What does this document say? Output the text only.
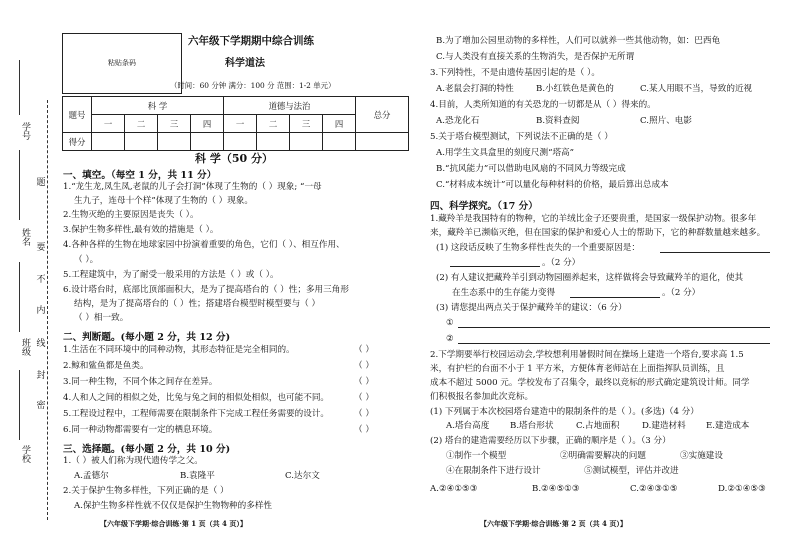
学号
姓名
班级
学校
题
要
不
内
线
封
密
粘贴条码
六年级下学期期中综合训练
科学道法
（时间：60 分钟 满分：100 分 范围：1-2 单元）
题号	科 学				道德与法治				总分
	一	二	三	四	一	二	三	四	
得分									
科 学（50 分）
一、填空。（每空 1 分，共 11 分）
1.“龙生龙,凤生凤,老鼠的儿子会打洞”体现了生物的（ ）现象; “一母
生九子，连母十个样”体现了生物的（ ）现象。
2.生物灭绝的主要原因是丧失（ ）。
3.保护生物多样性,最有效的措施是（ ）。
4.各种各样的生物在地球家园中扮演着重要的角色，它们（ ）、相互作用、
（ ）。
5.工程建筑中，为了耐受一般采用的方法是（ ）或（ ）。
6.设计塔台时，底部比顶部面积大，是为了提高塔台的（ ）性；多用三角形
结构，是为了提高塔台的（ ）性；搭建塔台模型时模型要与（ ）
（ ）相一致。
二、判断题。(每小题 2 分，共 12 分)
1.生活在不同环境中的同种动物，其形态特征是完全相同的。	（ ）
2.鲸和鲨鱼都是鱼类。	（ ）
3.同一种生物，不同个体之间存在差异。	（ ）
4.人和人之间的相似之处，比兔与兔之间的相似处相似，也可能不同。	（ ）
5.工程设过程中，工程师需要在限制条件下完成工程任务需要的设计。	（ ）
6.同一种动物都需要有一定的栖息环境。	（ ）
三、选择题。(每小题 2 分，共 10 分)
1.（ ）被人们称为现代遗传学之父。
A.孟德尔	B.袁隆平	C.达尔文
2.关于保护生物多样性，下列正确的是（ ）
A.保护生物多样性就不仅仅是保护生物物种的多样性
【六年级下学期·综合训练·第 1 页（共 4 页）】
B.为了增加公园里动物的多样性，人们可以就养一些其他动物，如：巴西龟
C.与人类没有直接关系的生物消失，是否保护无所谓
3.下列特性，不是由遗传基因引起的是（ ）。
A.老鼠会打洞的特性	B.小红铁色是黄色的	C.某人用眼不当，导致的近视
4.目前，人类所知道的有关恐龙的一切都是从（ ）得来的。
A.恐龙化石	B.资料查阅	C.照片、电影
5.关于塔台模型测试，下列说法不正确的是（ ）
A.用学生文具盒里的刻度尺测“塔高”
B.“抗风能力”可以借助电风扇的不同风力等级完成
C.“材料成本统计”可以量化每种材料的价格，最后算出总成本
四、科学探究。（17 分）
1.藏羚羊是我国特有的物种，它的羊绒比金子还要贵重，是国家一级保护动物。很多年
来，藏羚羊已濒临灭绝，但在国家的保护和爱心人士的帮助下，它的种群数量越来越多。
(1) 这段话反映了生物多样性丧失的一个重要原因是：
。（2 分）
(2) 有人建议把藏羚羊引到动物园圈养起来，这样做将会导致藏羚羊的退化，使其
在生态系中的生存能力变得	。（2 分）
(3) 请您提出两点关于保护藏羚羊的建议：（6 分）
①
②
2.下学期要举行校园运动会,学校想利用暑假时间在操场上建造一个塔台,要求高 1.5
米，有护栏的台面不小于 1 平方米，方便体育老师站在上面指挥队员训练，且
成本不超过 5000 元。学校发布了召集令，最终以竞标的形式确定建筑设计师。同学
们积极报名参加此次竞标。
(1) 下列属于本次校园塔台建造中的限制条件的是（ ）。(多选)（4 分）
A.塔台高度 B.塔台形状	C.占地面积	D.建造材料 E.建造成本
(2) 塔台的建造需要经历以下步骤，正确的顺序是（ ）。（3 分）
①制作一个模型	②明确需要解决的问题	③实施建设
④在限制条件下进行设计	⑤测试模型，评估并改进
A.②④①⑤③	B.②④⑤①③	C.②④③①⑤	D.②①④⑤③
【六年级下学期·综合训练·第 2 页（共 4 页）】
